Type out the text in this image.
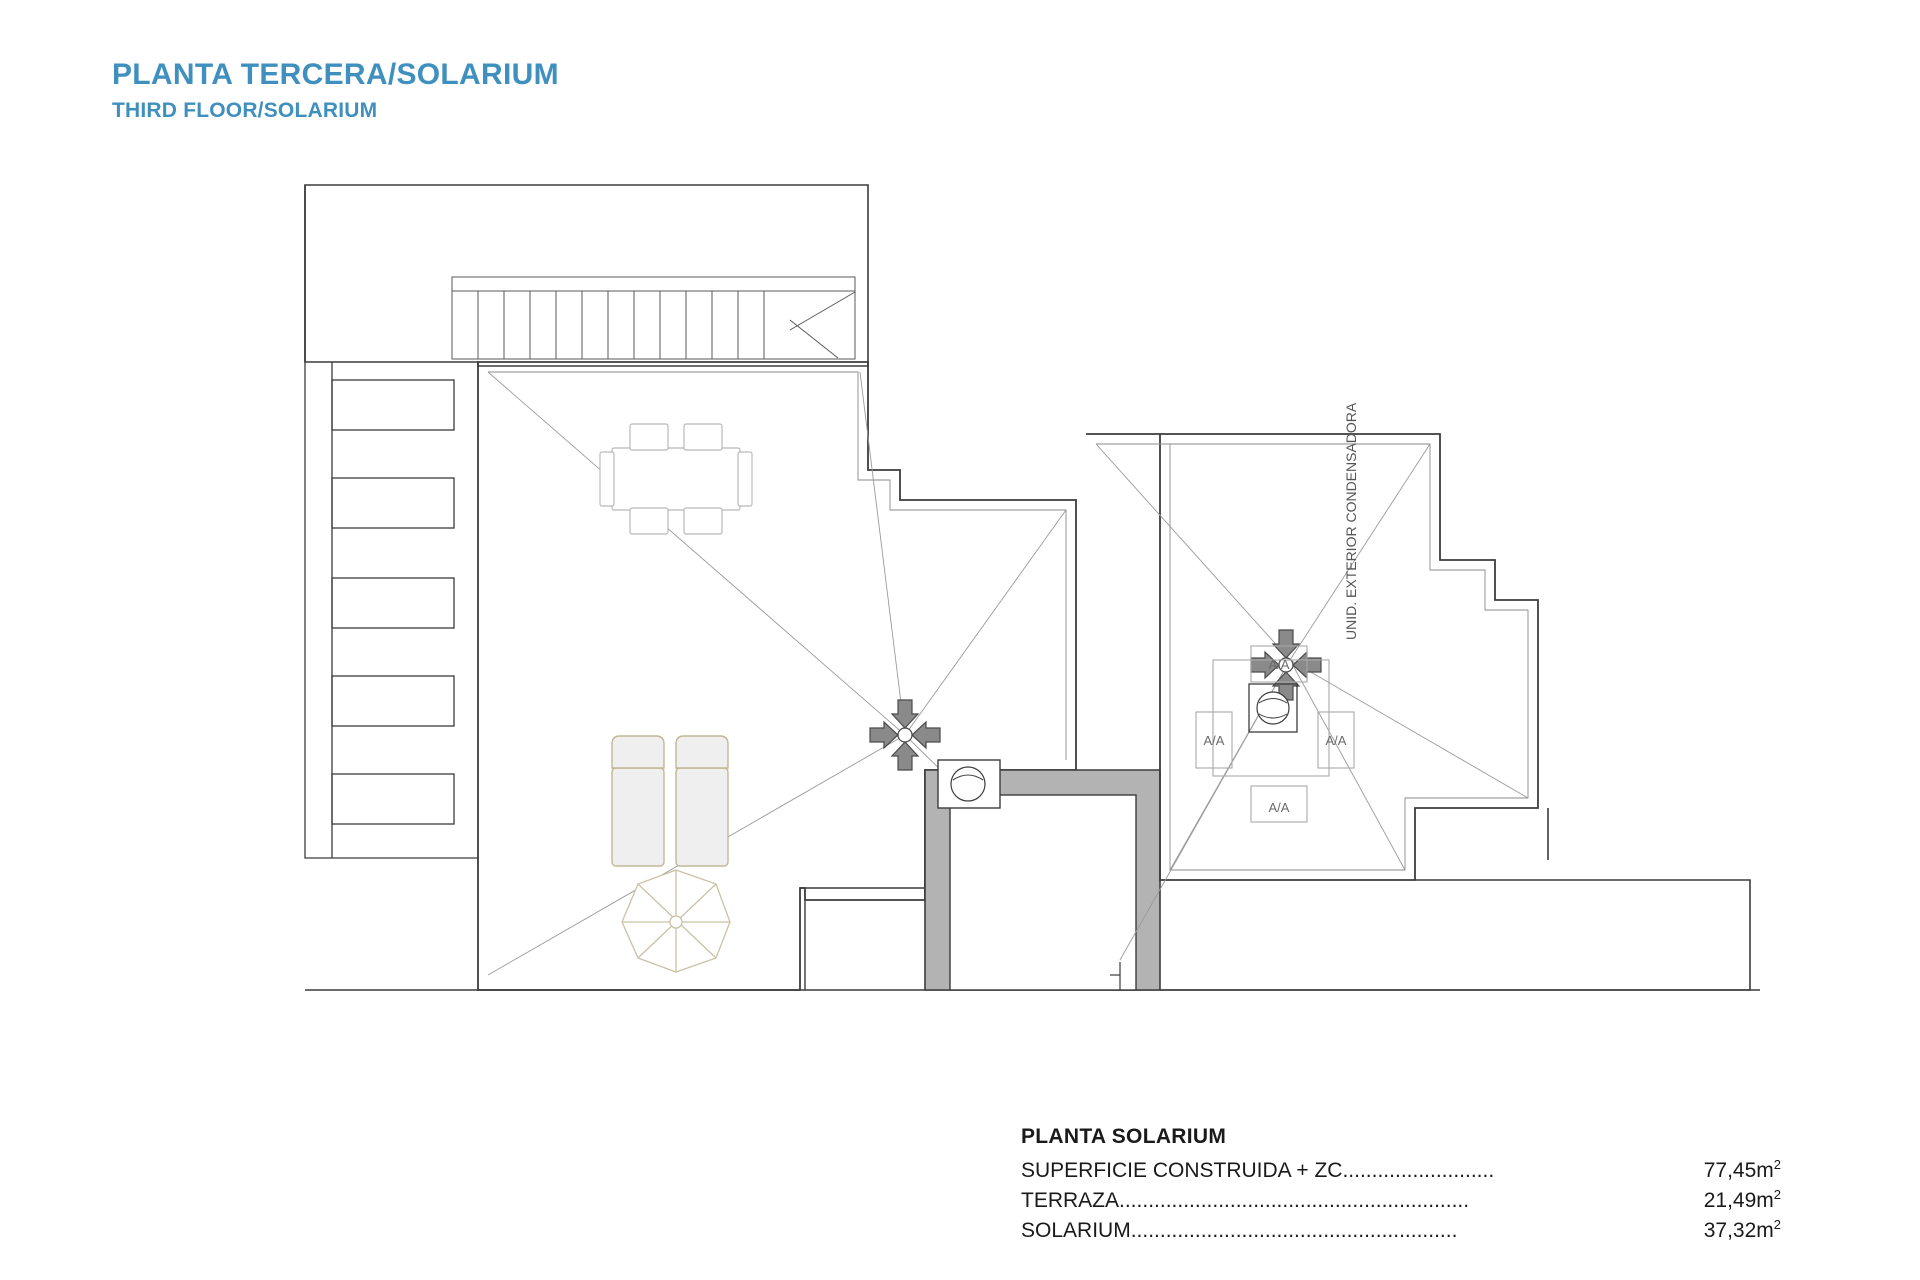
PLANTA TERCERA/SOLARIUM
THIRD FLOOR/SOLARIUM
A/A
A/A	A/A
A/A
UNID. EXTERIOR CONDENSADORA
PLANTA SOLARIUM
SUPERFICIE CONSTRUIDA + ZC ..........................	$77,45m^2$
TERRAZA ............................................................	$21,49m^2$
SOLARIUM ........................................................	$37,32m^2$
